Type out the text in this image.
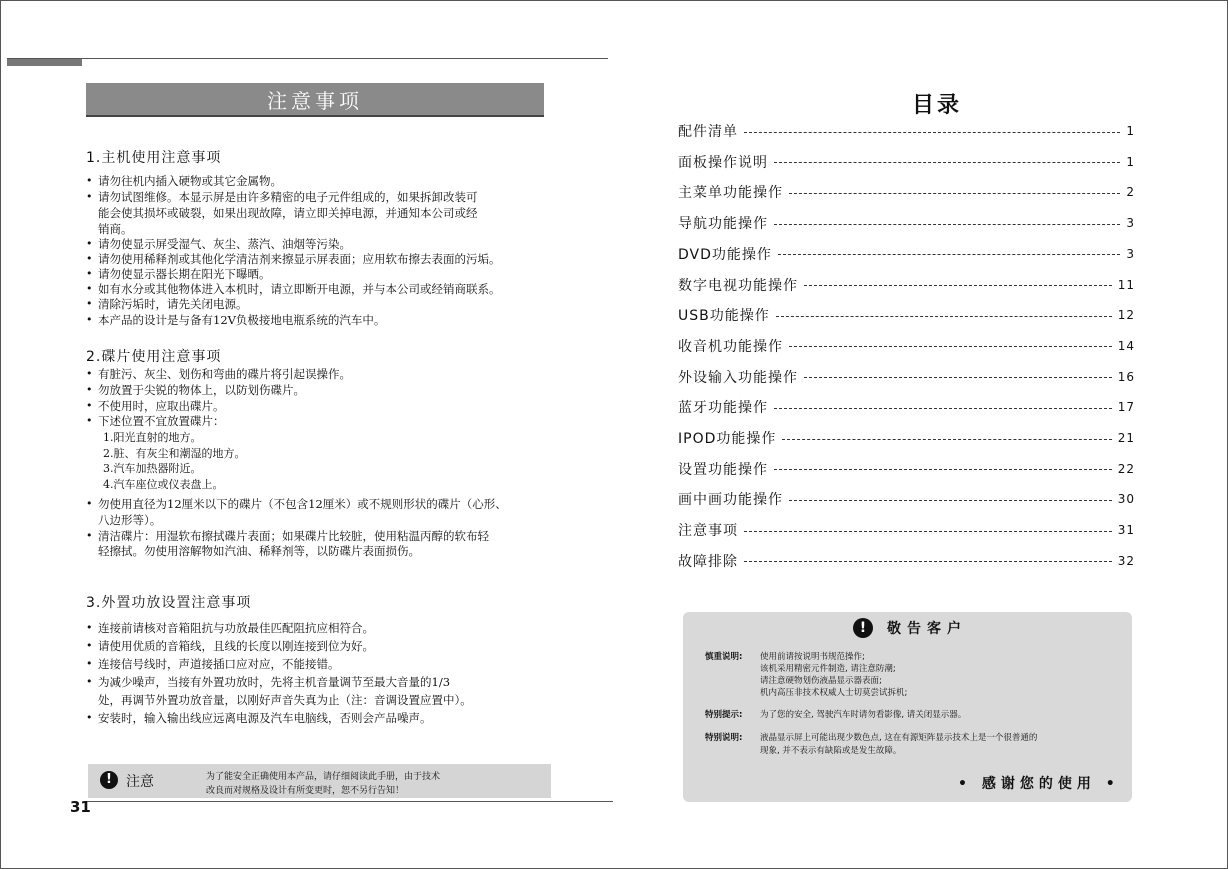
注意事项
1.主机使用注意事项
• 请勿往机内插入硬物或其它金属物。
• 请勿试图维修。本显示屏是由许多精密的电子元件组成的，如果拆卸改装可
能会使其损坏或破裂，如果出现故障，请立即关掉电源，并通知本公司或经
销商。
• 请勿使显示屏受湿气、灰尘、蒸汽、油烟等污染。
• 请勿使用稀释剂或其他化学清洁剂来擦显示屏表面；应用软布擦去表面的污垢。
• 请勿使显示器长期在阳光下曝晒。
• 如有水分或其他物体进入本机时，请立即断开电源，并与本公司或经销商联系。
• 清除污垢时，请先关闭电源。
• 本产品的设计是与备有12V负极接地电瓶系统的汽车中。
2.碟片使用注意事项
• 有脏污、灰尘、划伤和弯曲的碟片将引起误操作。
• 勿放置于尖锐的物体上，以防划伤碟片。
• 不使用时，应取出碟片。
• 下述位置不宜放置碟片：
1.阳光直射的地方。
2.脏、有灰尘和潮湿的地方。
3.汽车加热器附近。
4.汽车座位或仪表盘上。
• 勿使用直径为12厘米以下的碟片（不包含12厘米）或不规则形状的碟片（心形、
八边形等）。
• 清洁碟片：用湿软布擦拭碟片表面；如果碟片比较脏，使用粘温丙醇的软布轻
轻擦拭。勿使用溶解物如汽油、稀释剂等，以防碟片表面损伤。
3.外置功放设置注意事项
• 连接前请核对音箱阻抗与功放最佳匹配阻抗应相符合。
• 请使用优质的音箱线，且线的长度以刚连接到位为好。
• 连接信号线时，声道接插口应对应，不能接错。
• 为减少噪声，当接有外置功放时，先将主机音量调节至最大音量的1/3
处，再调节外置功放音量，以刚好声音失真为止（注：音调设置应置中）。
• 安装时，输入输出线应远离电源及汽车电脑线，否则会产品噪声。
!	注意	为了能安全正确使用本产品，请仔细阅读此手册，由于技术
改良而对规格及设计有所变更时，恕不另行告知！
31
目录
配件清单	1
面板操作说明	1
主菜单功能操作	2
导航功能操作	3
DVD功能操作	3
数字电视功能操作	11
USB功能操作	12
收音机功能操作	14
外设输入功能操作	16
蓝牙功能操作	17
IPOD功能操作	21
设置功能操作	22
画中画功能操作	30
注意事项	31
故障排除	32
!	敬告客户
慎重说明: 使用前请按说明书规范操作;
该机采用精密元件制造, 请注意防潮;
请注意硬物划伤液晶显示器表面;
机内高压非技术权威人士切莫尝试拆机;
特别提示: 为了您的安全, 驾驶汽车时请勿看影像, 请关闭显示器。
特别说明: 液晶显示屏上可能出现少数色点, 这在有源矩阵显示技术上是一个很普通的
现象, 并不表示有缺陷或是发生故障。
• 感谢您的使用 •
